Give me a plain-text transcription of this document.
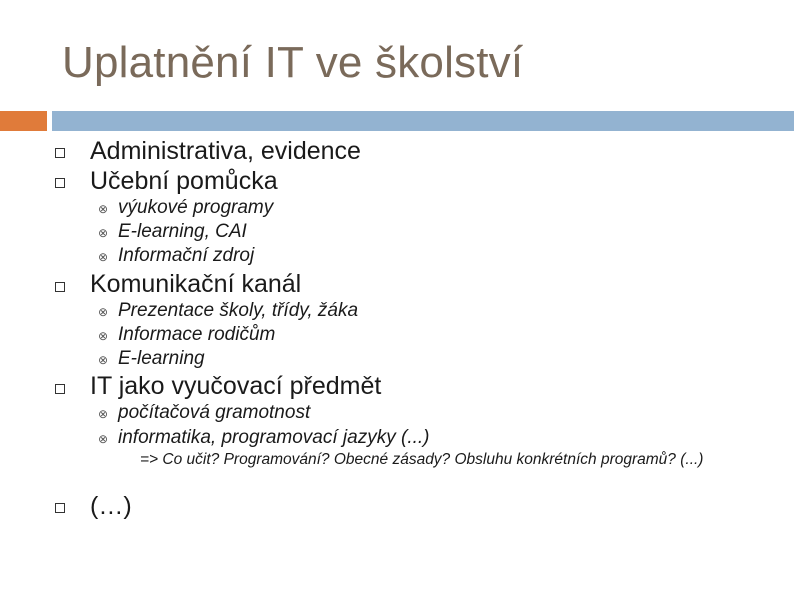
Uplatnění IT ve školství
Administrativa, evidence
Učební pomůcka
⊗ výukové programy
⊗ E-learning, CAI
⊗ Informační zdroj
Komunikační kanál
⊗ Prezentace školy, třídy, žáka
⊗ Informace rodičům
⊗ E-learning
IT jako vyučovací předmět
⊗ počítačová gramotnost
⊗ informatika, programovací jazyky (...)
=> Co učit? Programování? Obecné zásady? Obsluhu konkrétních programů? (...)
(…)
